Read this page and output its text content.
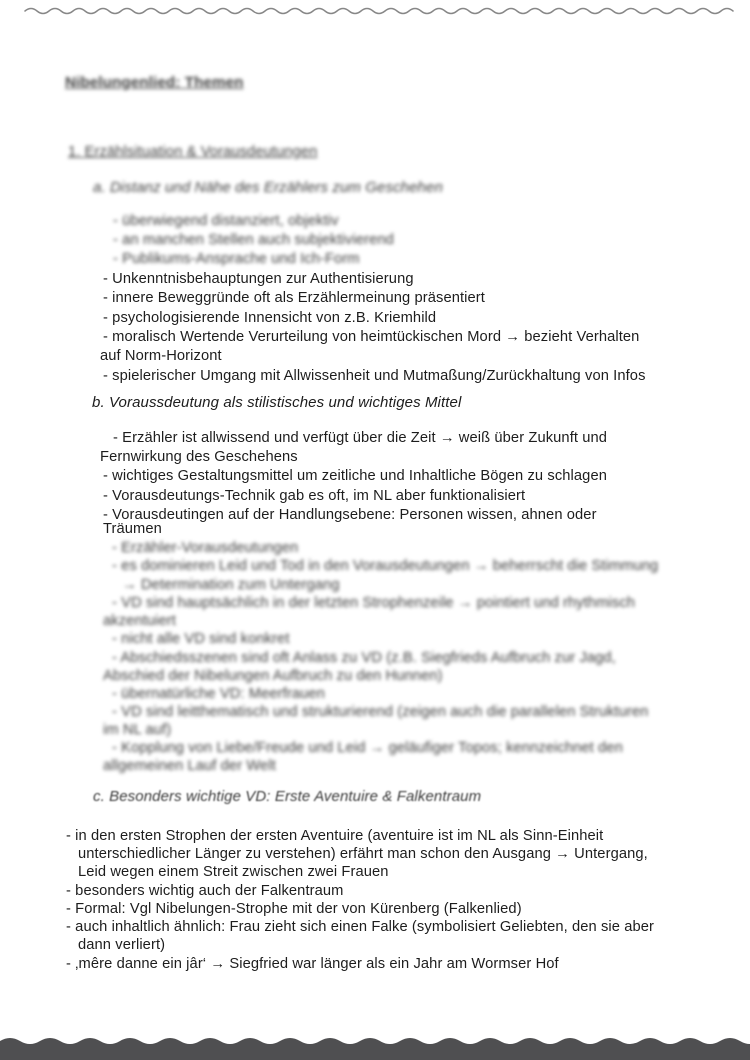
Nibelungenlied: Themen
1. Erzählsituation & Vorausdeutungen
a. Distanz und Nähe des Erzählers zum Geschehen
- überwiegend distanziert, objektiv
- an manchen Stellen auch subjektivierend
- Publikums-Ansprache und Ich-Form
- Unkenntnisbehauptungen zur Authentisierung
- innere Beweggründe oft als Erzählermeinung präsentiert
- psychologisierende Innensicht von z.B. Kriemhild
- moralisch Wertende Verurteilung von heimtückischen Mord → bezieht Verhalten
auf Norm-Horizont
- spielerischer Umgang mit Allwissenheit und Mutmaßung/Zurückhaltung von Infos
b. Voraussdeutung als stilistisches und wichtiges Mittel
- Erzähler ist allwissend und verfügt über die Zeit → weiß über Zukunft und
Fernwirkung des Geschehens
- wichtiges Gestaltungsmittel um zeitliche und Inhaltliche Bögen zu schlagen
- Vorausdeutungs-Technik gab es oft, im NL aber funktionalisiert
- Vorausdeutingen auf der Handlungsebene: Personen wissen, ahnen oder
Träumen
- Erzähler-Vorausdeutungen
- es dominieren Leid und Tod in den Vorausdeutungen → beherrscht die Stimmung
→ Determination zum Untergang
- VD sind hauptsächlich in der letzten Strophenzeile → pointiert und rhythmisch
akzentuiert
- nicht alle VD sind konkret
- Abschiedsszenen sind oft Anlass zu VD (z.B. Siegfrieds Aufbruch zur Jagd,
Abschied der Nibelungen Aufbruch zu den Hunnen)
- übernatürliche VD: Meerfrauen
- VD sind leitthematisch und strukturierend (zeigen auch die parallelen Strukturen
im NL auf)
- Kopplung von Liebe/Freude und Leid → geläufiger Topos; kennzeichnet den
allgemeinen Lauf der Welt
c. Besonders wichtige VD: Erste Aventuire & Falkentraum
- in den ersten Strophen der ersten Aventuire (aventuire ist im NL als Sinn-Einheit
unterschiedlicher Länger zu verstehen) erfährt man schon den Ausgang → Untergang,
Leid wegen einem Streit zwischen zwei Frauen
- besonders wichtig auch der Falkentraum
- Formal: Vgl Nibelungen-Strophe mit der von Kürenberg (Falkenlied)
- auch inhaltlich ähnlich: Frau zieht sich einen Falke (symbolisiert Geliebten, den sie aber
dann verliert)
- ‚mêre danne ein jâr‘ → Siegfried war länger als ein Jahr am Wormser Hof
